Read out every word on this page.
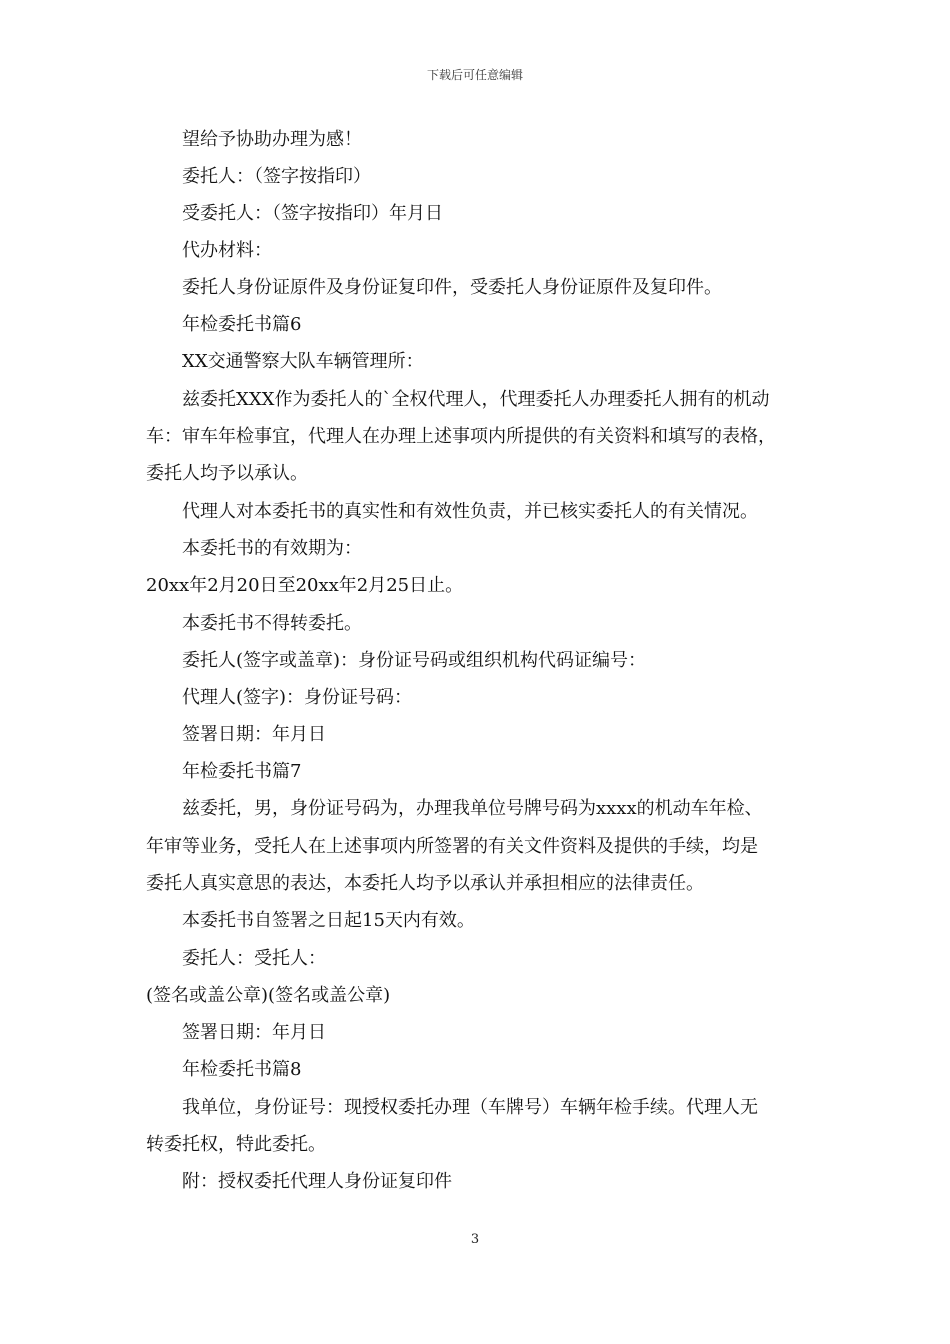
下载后可任意编辑
望给予协助办理为感！
委托人：（签字按指印）
受委托人：（签字按指印）年月日
代办材料：
委托人身份证原件及身份证复印件，受委托人身份证原件及复印件。
年检委托书篇6
XX交通警察大队车辆管理所：
兹委托XXX作为委托人的`全权代理人，代理委托人办理委托人拥有的机动
车：审车年检事宜，代理人在办理上述事项内所提供的有关资料和填写的表格，
委托人均予以承认。
代理人对本委托书的真实性和有效性负责，并已核实委托人的有关情况。
本委托书的有效期为：
20xx年2月20日至20xx年2月25日止。
本委托书不得转委托。
委托人(签字或盖章)：身份证号码或组织机构代码证编号：
代理人(签字)：身份证号码：
签署日期：年月日
年检委托书篇7
兹委托，男，身份证号码为，办理我单位号牌号码为xxxx的机动车年检、
年审等业务，受托人在上述事项内所签署的有关文件资料及提供的手续，均是
委托人真实意思的表达，本委托人均予以承认并承担相应的法律责任。
本委托书自签署之日起15天内有效。
委托人：受托人：
(签名或盖公章)(签名或盖公章)
签署日期：年月日
年检委托书篇8
我单位，身份证号：现授权委托办理（车牌号）车辆年检手续。代理人无
转委托权，特此委托。
附：授权委托代理人身份证复印件
3
